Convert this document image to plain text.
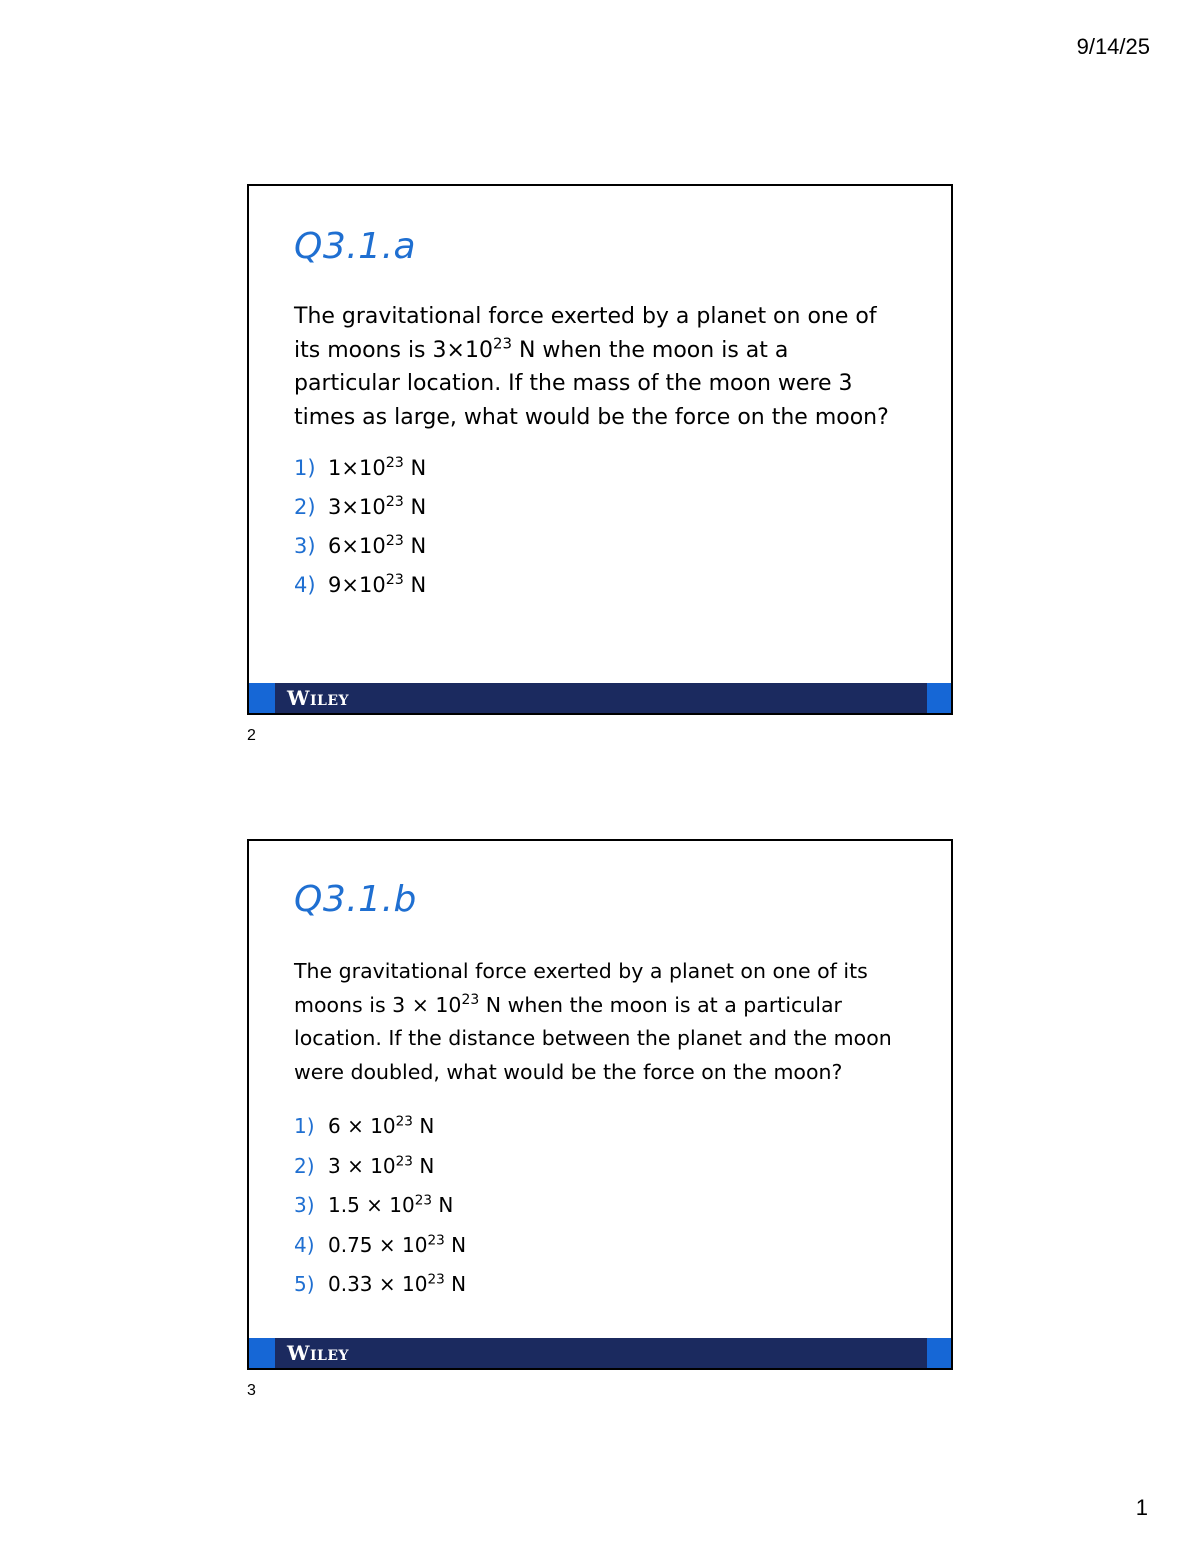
9/14/25
Q3.1.a

The gravitational force exerted by a planet on one of
its moons is $3\times 10^{23}$ N when the moon is at a
particular location. If the mass of the moon were 3
times as large, what would be the force on the moon?

1) $1\times 10^{23}$ N
2) $3\times 10^{23}$ N
3) $6\times 10^{23}$ N
4) $9\times 10^{23}$ N
Wiley
2
Q3.1.b

The gravitational force exerted by a planet on one of its
moons is $3 \times 10^{23}$ N when the moon is at a particular
location. If the distance between the planet and the moon
were doubled, what would be the force on the moon?

1) $6 \times 10^{23}$ N
2) $3 \times 10^{23}$ N
3) $1.5 \times 10^{23}$ N
4) $0.75 \times 10^{23}$ N
5) $0.33 \times 10^{23}$ N
Wiley
3
1
